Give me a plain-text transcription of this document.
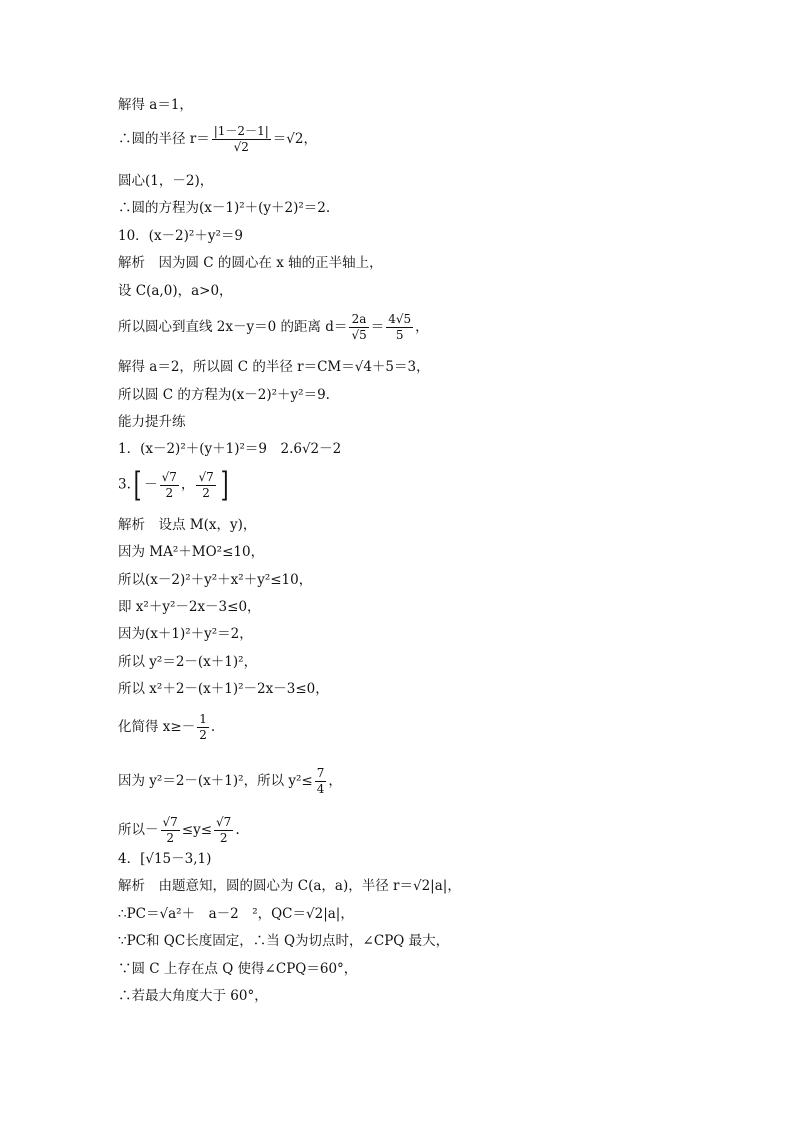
解得 a＝1，
∴圆的半径 $r= \frac{|1-2-1|}{√2} =√2$，
圆心(1，－2)，
∴圆的方程为(x－1)²＋(y＋2)²＝2.
10．(x－2)²＋y²＝9
解析　因为圆 C 的圆心在 x 轴的正半轴上，
设 C(a,0)，a>0，
所以圆心到直线 2x－y＝0 的距离 $d= \frac{2a}{√5} = \frac{4√5}{5}$ ，
解得 a＝2，所以圆 C 的半径 r＝CM＝√4＋5＝3，
所以圆 C 的方程为(x－2)²＋y²＝9.
能力提升练
1．(x－2)²＋(y＋1)²＝9　2.6√2－2
$3.[ - \frac{√7}{2}$ ， $\frac{√7}{2}$ ]
解析　设点 M(x，y)，
因为 MA²＋MO²≤10，
所以(x－2)²＋y²＋x²＋y²≤10，
即 x²＋y²－2x－3≤0，
因为(x＋1)²＋y²＝2，
所以 y²＝2－(x＋1)²，
所以 x²＋2－(x＋1)²－2x－3≤0，
化简得 $x\ge- \frac{1}{2}$ .
因为 y²＝2－(x＋1)²，所以 $y^2\le \frac{7}{4}$ ，
所以－ $\frac{√7}{2} \le y\le \frac{√7}{2}$ .
4．[√15－3,1)
解析　由题意知，圆的圆心为 C(a，a)，半径 r＝√2|a|，
∴PC＝√a²＋　a－2　²，QC＝√2|a|，
∵PC和 QC长度固定，∴当 Q为切点时，∠CPQ 最大，
∵圆 C 上存在点 Q 使得∠CPQ＝60°，
∴若最大角度大于 60°，
